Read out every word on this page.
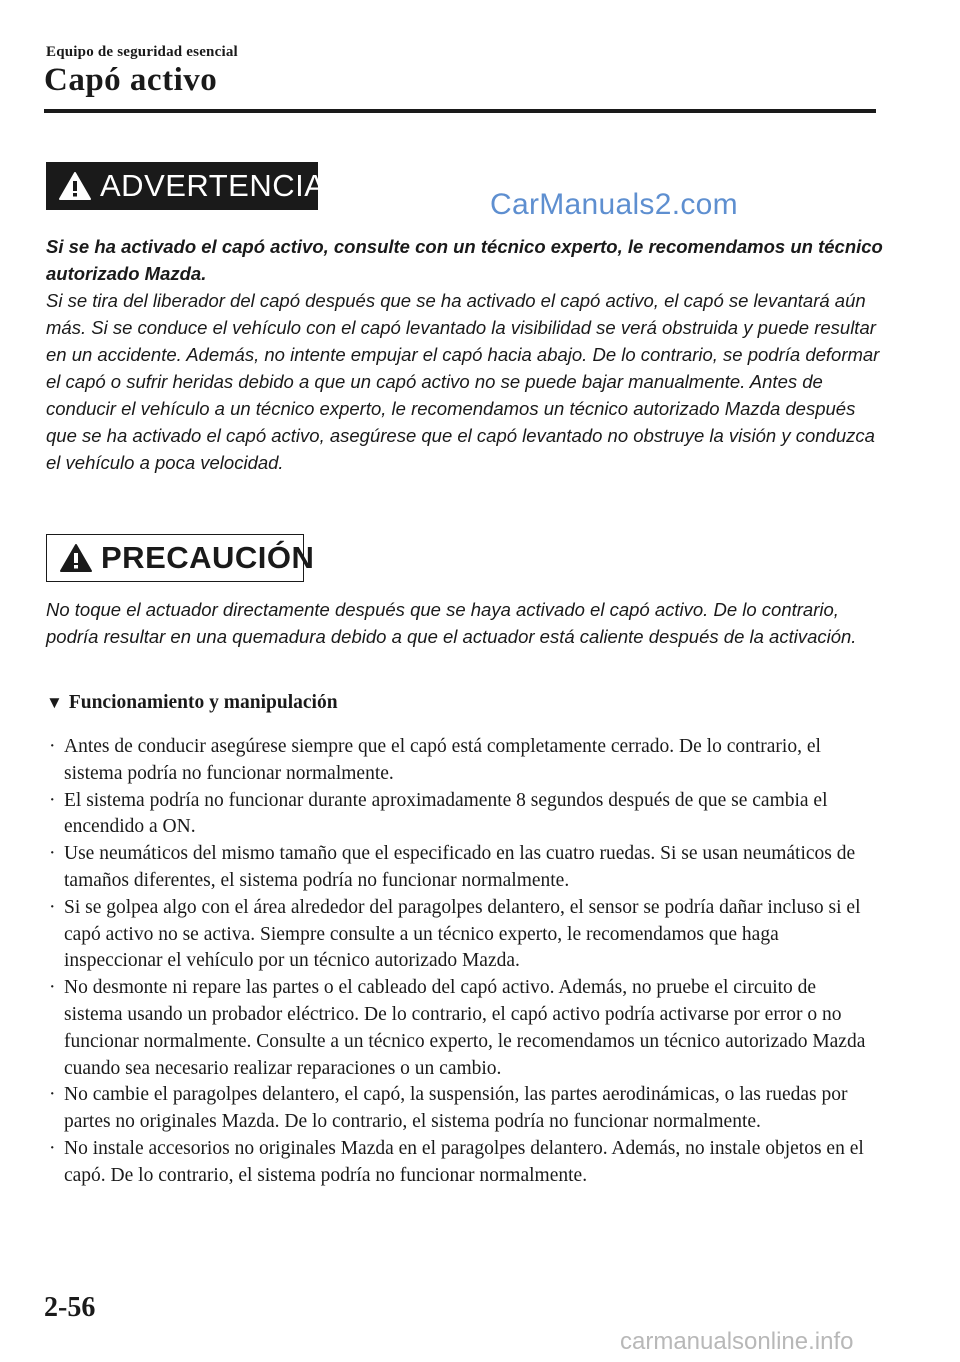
Equipo de seguridad esencial
Capó activo
ADVERTENCIA
CarManuals2.com

Si se ha activado el capó activo, consulte con un técnico experto, le recomendamos un técnico autorizado Mazda.

Si se tira del liberador del capó después que se ha activado el capó activo, el capó se levantará aún más. Si se conduce el vehículo con el capó levantado la visibilidad se verá obstruida y puede resultar en un accidente. Además, no intente empujar el capó hacia abajo. De lo contrario, se podría deformar el capó o sufrir heridas debido a que un capó activo no se puede bajar manualmente. Antes de conducir el vehículo a un técnico experto, le recomendamos un técnico autorizado Mazda después que se ha activado el capó activo, asegúrese que el capó levantado no obstruye la visión y conduzca el vehículo a poca velocidad.

PRECAUCIÓN

No toque el actuador directamente después que se haya activado el capó activo. De lo contrario, podría resultar en una quemadura debido a que el actuador está caliente después de la activación.

▼ Funcionamiento y manipulación
· Antes de conducir asegúrese siempre que el capó está completamente cerrado. De lo contrario, el sistema podría no funcionar normalmente.
· El sistema podría no funcionar durante aproximadamente 8 segundos después de que se cambia el encendido a ON.
· Use neumáticos del mismo tamaño que el especificado en las cuatro ruedas. Si se usan neumáticos de tamaños diferentes, el sistema podría no funcionar normalmente.
· Si se golpea algo con el área alrededor del paragolpes delantero, el sensor se podría dañar incluso si el capó activo no se activa. Siempre consulte a un técnico experto, le recomendamos que haga inspeccionar el vehículo por un técnico autorizado Mazda.
· No desmonte ni repare las partes o el cableado del capó activo. Además, no pruebe el circuito de sistema usando un probador eléctrico. De lo contrario, el capó activo podría activarse por error o no funcionar normalmente. Consulte a un técnico experto, le recomendamos un técnico autorizado Mazda cuando sea necesario realizar reparaciones o un cambio.
· No cambie el paragolpes delantero, el capó, la suspensión, las partes aerodinámicas, o las ruedas por partes no originales Mazda. De lo contrario, el sistema podría no funcionar normalmente.
· No instale accesorios no originales Mazda en el paragolpes delantero. Además, no instale objetos en el capó. De lo contrario, el sistema podría no funcionar normalmente.
2-56
carmanualsonline.info
